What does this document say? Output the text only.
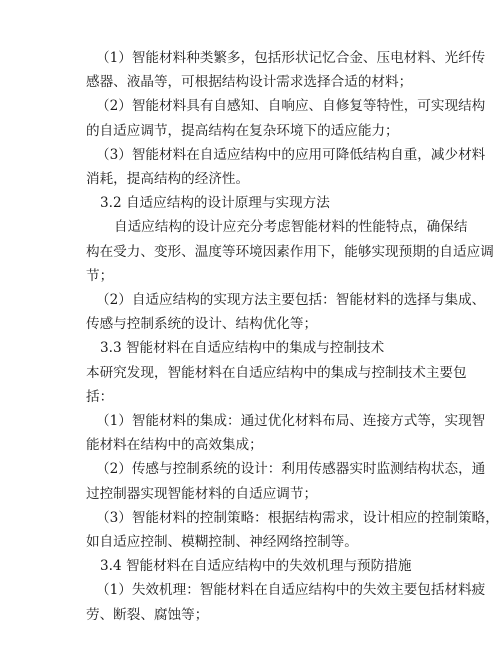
（1）智能材料种类繁多，包括形状记忆合金、压电材料、光纤传
感器、液晶等，可根据结构设计需求选择合适的材料；
（2）智能材料具有自感知、自响应、自修复等特性，可实现结构
的自适应调节，提高结构在复杂环境下的适应能力；
（3）智能材料在自适应结构中的应用可降低结构自重，减少材料
消耗，提高结构的经济性。
3.2 自适应结构的设计原理与实现方法
自适应结构的设计应充分考虑智能材料的性能特点，确保结
构在受力、变形、温度等环境因素作用下，能够实现预期的自适应调
节；
（2）自适应结构的实现方法主要包括：智能材料的选择与集成、
传感与控制系统的设计、结构优化等；
3.3 智能材料在自适应结构中的集成与控制技术
本研究发现，智能材料在自适应结构中的集成与控制技术主要包
括：
（1）智能材料的集成：通过优化材料布局、连接方式等，实现智
能材料在结构中的高效集成；
（2）传感与控制系统的设计：利用传感器实时监测结构状态，通
过控制器实现智能材料的自适应调节；
（3）智能材料的控制策略：根据结构需求，设计相应的控制策略，
如自适应控制、模糊控制、神经网络控制等。
3.4 智能材料在自适应结构中的失效机理与预防措施
（1）失效机理：智能材料在自适应结构中的失效主要包括材料疲
劳、断裂、腐蚀等；
